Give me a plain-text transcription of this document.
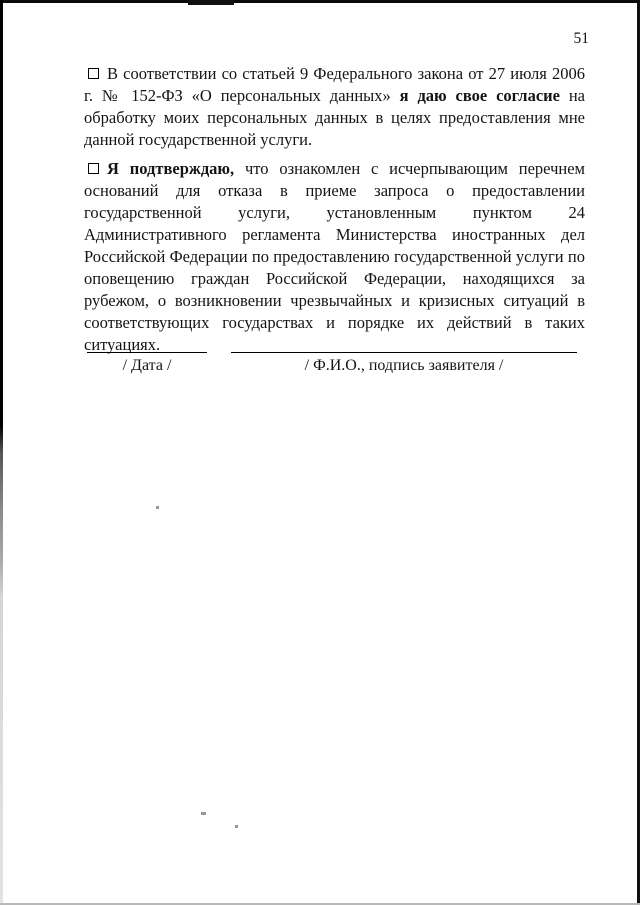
51

В соответствии со статьей 9 Федерального закона от 27 июля 2006 г. № 152-ФЗ «О персональных данных» я даю свое согласие на обработку моих персональных данных в целях предоставления мне данной государственной услуги.

Я подтверждаю, что ознакомлен с исчерпывающим перечнем оснований для отказа в приеме запроса о предоставлении государственной услуги, установленным пунктом 24 Административного регламента Министерства иностранных дел Российской Федерации по предоставлению государственной услуги по оповещению граждан Российской Федерации, находящихся за рубежом, о возникновении чрезвычайных и кризисных ситуаций в соответствующих государствах и порядке их действий в таких ситуациях.

/ Дата /	/ Ф.И.О., подпись заявителя /
